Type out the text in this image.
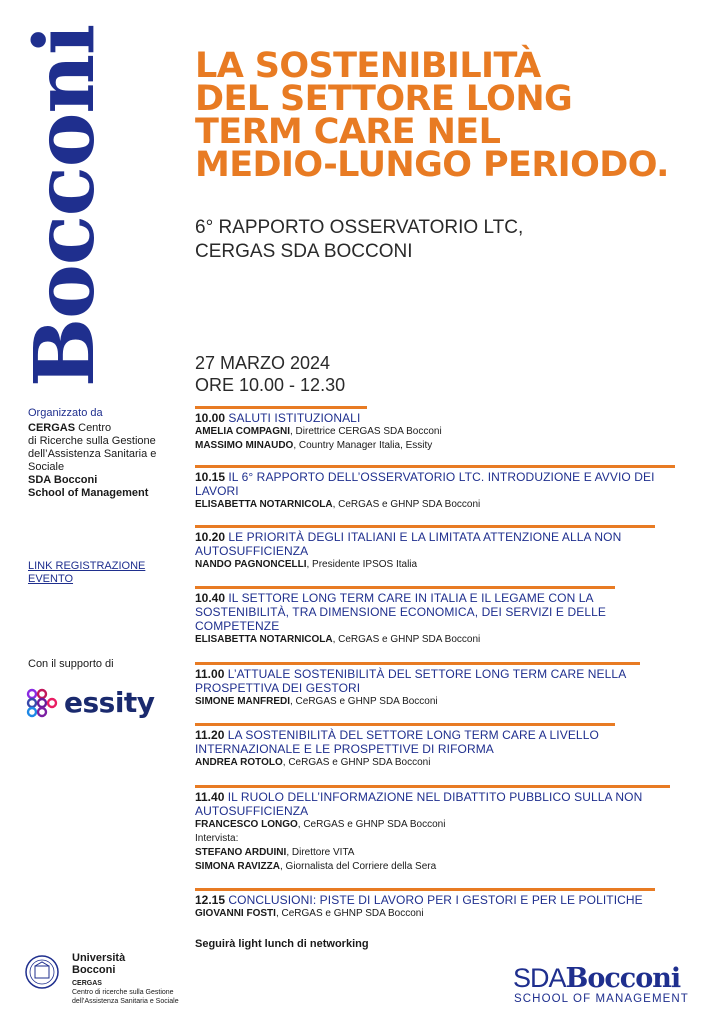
Bocconi LA SOSTENIBILITÀ
DEL SETTORE LONG
TERM CARE NEL
MEDIO-LUNGO PERIODO.
6° RAPPORTO OSSERVATORIO LTC,
CERGAS SDA BOCCONI
27 MARZO 2024
ORE 10.00 - 12.30
Organizzato da
CERGAS Centro
di Ricerche sulla Gestione
dell’Assistenza Sanitaria e
Sociale
SDA Bocconi
School of Management
LINK REGISTRAZIONE
EVENTO
Con il supporto di
essity
10.00 SALUTI ISTITUZIONALI
AMELIA COMPAGNI, Direttrice CERGAS SDA Bocconi
MASSIMO MINAUDO, Country Manager Italia, Essity
10.15 IL 6° RAPPORTO DELL’OSSERVATORIO LTC. INTRODUZIONE E AVVIO DEI LAVORI
ELISABETTA NOTARNICOLA, CeRGAS e GHNP SDA Bocconi
10.20 LE PRIORITÀ DEGLI ITALIANI E LA LIMITATA ATTENZIONE ALLA NON AUTOSUFFICIENZA
NANDO PAGNONCELLI, Presidente IPSOS Italia
10.40 IL SETTORE LONG TERM CARE IN ITALIA E IL LEGAME CON LA SOSTENIBILITÀ, TRA DIMENSIONE ECONOMICA, DEI SERVIZI E DELLE COMPETENZE
ELISABETTA NOTARNICOLA, CeRGAS e GHNP SDA Bocconi
11.00 L’ATTUALE SOSTENIBILITÀ DEL SETTORE LONG TERM CARE NELLA PROSPETTIVA DEI GESTORI
SIMONE MANFREDI, CeRGAS e GHNP SDA Bocconi
11.20 LA SOSTENIBILITÀ DEL SETTORE LONG TERM CARE A LIVELLO INTERNAZIONALE E LE PROSPETTIVE DI RIFORMA
ANDREA ROTOLO, CeRGAS e GHNP SDA Bocconi
11.40 IL RUOLO DELL’INFORMAZIONE NEL DIBATTITO PUBBLICO SULLA NON AUTOSUFFICIENZA
FRANCESCO LONGO, CeRGAS e GHNP SDA Bocconi
Intervista:
STEFANO ARDUINI, Direttore VITA
SIMONA RAVIZZA, Giornalista del Corriere della Sera
12.15 CONCLUSIONI: PISTE DI LAVORO PER I GESTORI E PER LE POLITICHE
GIOVANNI FOSTI, CeRGAS e GHNP SDA Bocconi
Seguirà light lunch di networking
Università
Bocconi
CERGAS
Centro di ricerche sulla Gestione
dell’Assistenza Sanitaria e Sociale
SDABocconi
SCHOOL OF MANAGEMENT
